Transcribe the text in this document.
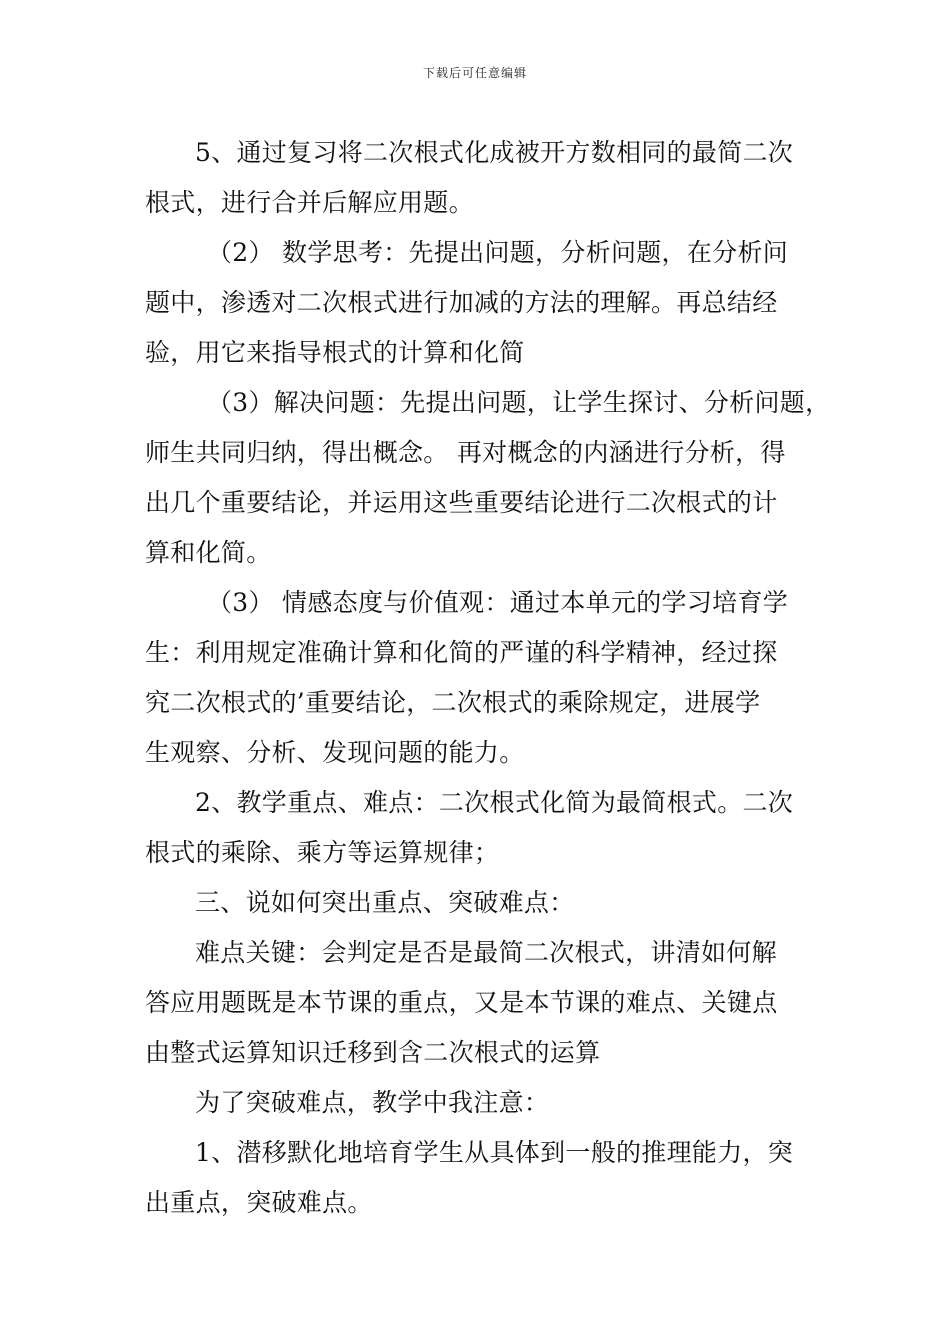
下载后可任意编辑
5、通过复习将二次根式化成被开方数相同的最简二次
根式，进行合并后解应用题。
（2） 数学思考：先提出问题，分析问题，在分析问
题中，渗透对二次根式进行加减的方法的理解。再总结经
验，用它来指导根式的计算和化简
（3）解决问题：先提出问题，让学生探讨、分析问题，
师生共同归纳，得出概念。 再对概念的内涵进行分析，得
出几个重要结论，并运用这些重要结论进行二次根式的计
算和化简。
（3） 情感态度与价值观：通过本单元的学习培育学
生：利用规定准确计算和化简的严谨的科学精神，经过探
究二次根式的’重要结论，二次根式的乘除规定，进展学
生观察、分析、发现问题的能力。
2、教学重点、难点：二次根式化简为最简根式。二次
根式的乘除、乘方等运算规律；
三、说如何突出重点、突破难点：
难点关键：会判定是否是最简二次根式，讲清如何解
答应用题既是本节课的重点，又是本节课的难点、关键点
由整式运算知识迁移到含二次根式的运算
为了突破难点，教学中我注意：
1、潜移默化地培育学生从具体到一般的推理能力，突
出重点，突破难点。
